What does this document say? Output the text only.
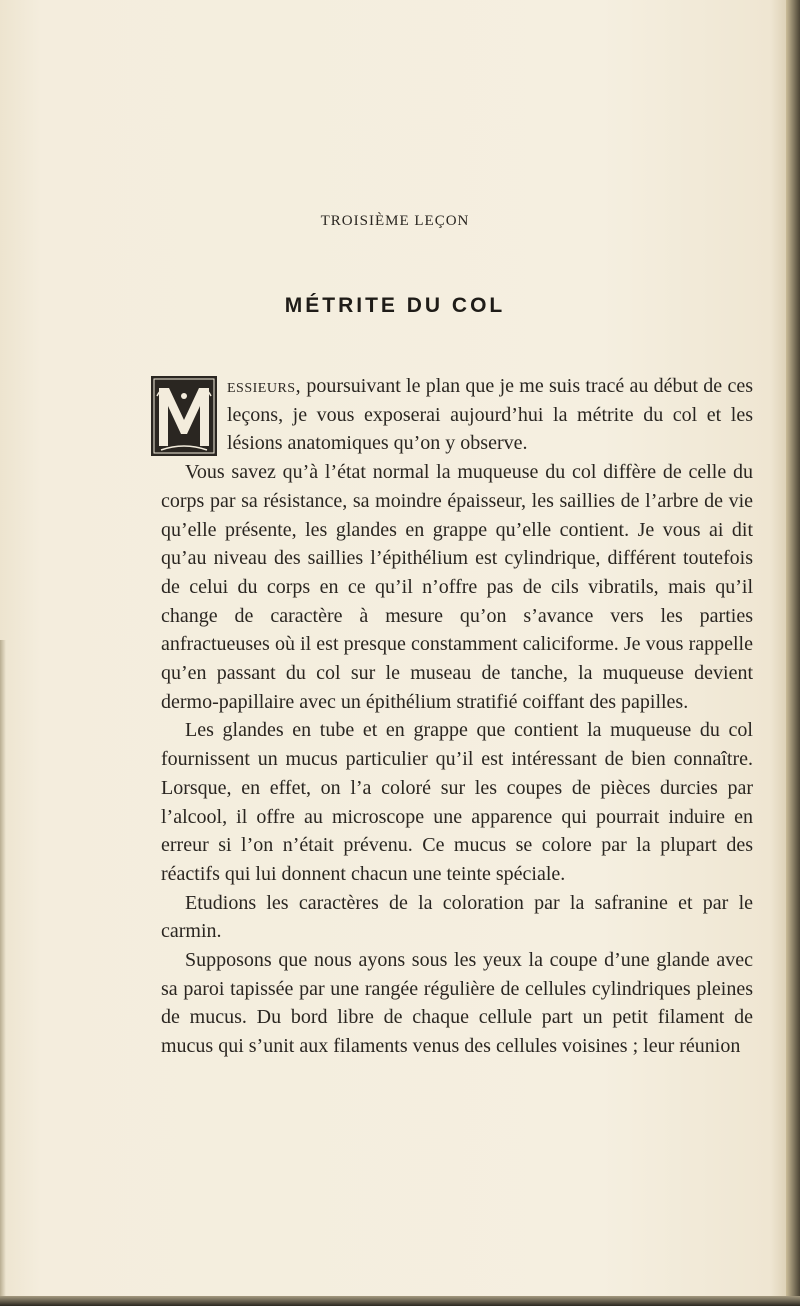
TROISIÈME LEÇON
MÉTRITE DU COL

essieurs, poursuivant le plan que je me suis tracé au début de ces leçons, je vous exposerai aujourd’hui la métrite du col et les lésions anatomiques qu’on y observe.

Vous savez qu’à l’état normal la muqueuse du col diffère de celle du corps par sa résistance, sa moindre épaisseur, les saillies de l’arbre de vie qu’elle présente, les glandes en grappe qu’elle contient. Je vous ai dit qu’au niveau des saillies l’épithélium est cylindrique, différent toutefois de celui du corps en ce qu’il n’offre pas de cils vibratils, mais qu’il change de caractère à mesure qu’on s’avance vers les parties anfractueuses où il est presque constamment caliciforme. Je vous rappelle qu’en passant du col sur le museau de tanche, la muqueuse devient dermo-papillaire avec un épithélium stratifié coiffant des papilles.

Les glandes en tube et en grappe que contient la muqueuse du col fournissent un mucus particulier qu’il est intéressant de bien connaître. Lorsque, en effet, on l’a coloré sur les coupes de pièces durcies par l’alcool, il offre au microscope une apparence qui pourrait induire en erreur si l’on n’était prévenu. Ce mucus se colore par la plupart des réactifs qui lui donnent chacun une teinte spéciale.

Etudions les caractères de la coloration par la safranine et par le carmin.

Supposons que nous ayons sous les yeux la coupe d’une glande avec sa paroi tapissée par une rangée régulière de cellules cylindriques pleines de mucus. Du bord libre de chaque cellule part un petit filament de mucus qui s’unit aux filaments venus des cellules voisines ; leur réunion
